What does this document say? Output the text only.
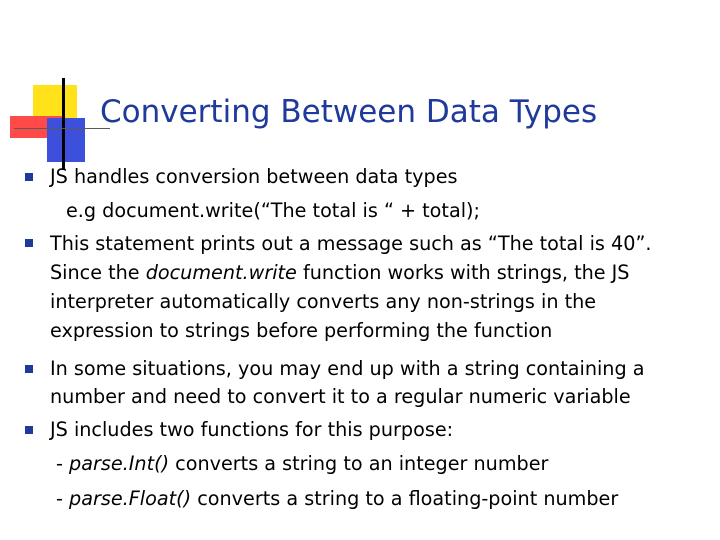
Converting Between Data Types

JS handles conversion between data types

e.g document.write(“The total is “ + total);

This statement prints out a message such as “The total is 40”.

Since the document.write function works with strings, the JS

interpreter automatically converts any non-strings in the

expression to strings before performing the function

In some situations, you may end up with a string containing a

number and need to convert it to a regular numeric variable

JS includes two functions for this purpose:

- parse.Int() converts a string to an integer number

- parse.Float() converts a string to a floating-point number
